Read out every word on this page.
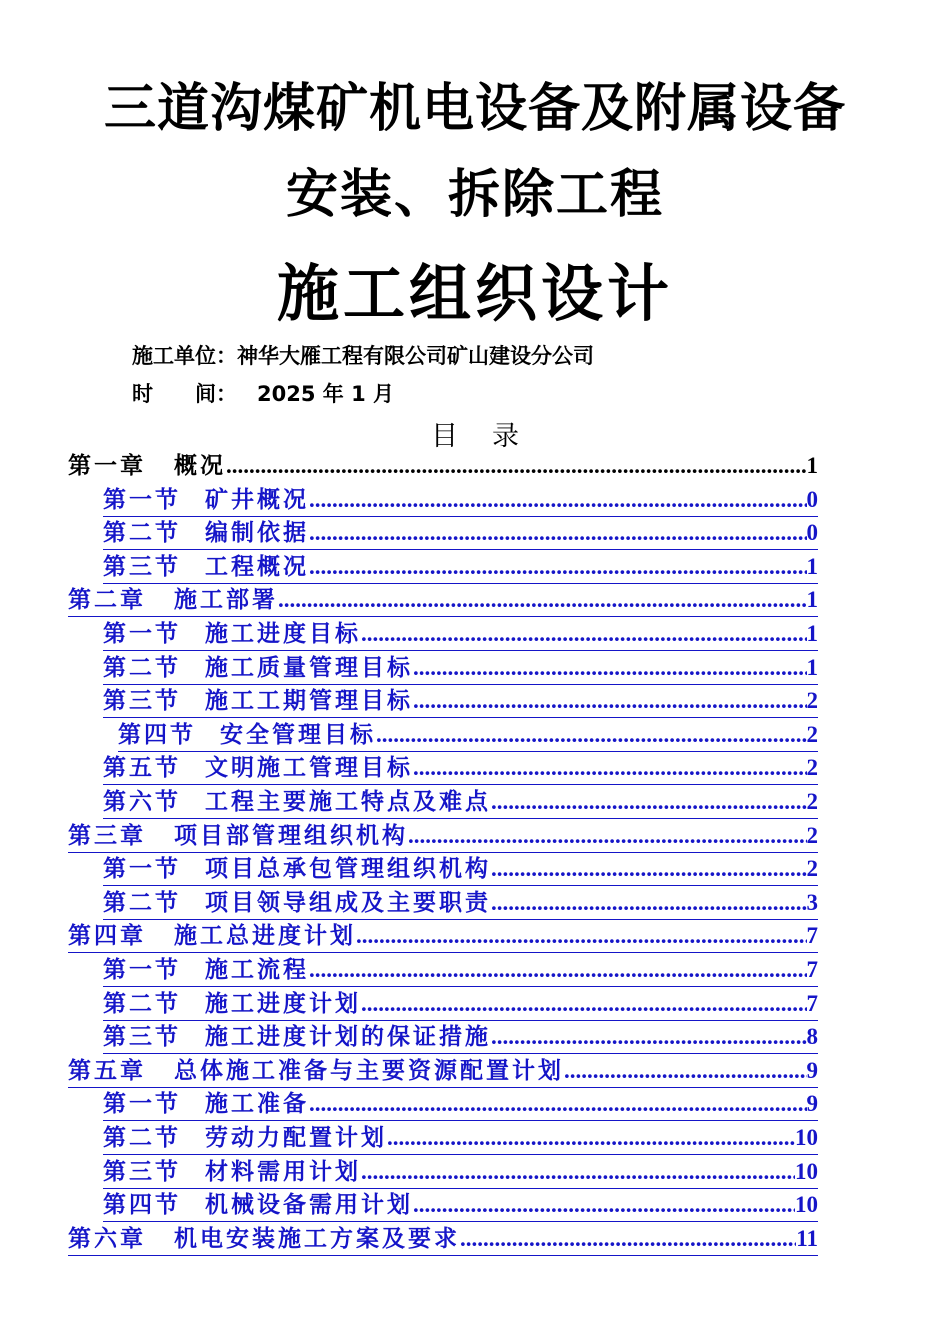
三道沟煤矿机电设备及附属设备
安装、拆除工程
施工组织设计
施工单位：神华大雁工程有限公司矿山建设分公司
时　　间： 2025 年 1 月
目录
第一章 概况 .....	1
第一节 矿井概况 .....	0
第二节 编制依据 .....	0
第三节 工程概况 .....	1
第二章 施工部署 .....	1
第一节 施工进度目标 .....	1
第二节 施工质量管理目标 .....	1
第三节 施工工期管理目标 .....	2
第四节 安全管理目标 .....	2
第五节 文明施工管理目标 .....	2
第六节 工程主要施工特点及难点 .....	2
第三章 项目部管理组织机构 .....	2
第一节 项目总承包管理组织机构 .....	2
第二节 项目领导组成及主要职责 .....	3
第四章 施工总进度计划 .....	7
第一节 施工流程 .....	7
第二节 施工进度计划 .....	7
第三节 施工进度计划的保证措施 .....	8
第五章 总体施工准备与主要资源配置计划 .....	9
第一节 施工准备 .....	9
第二节 劳动力配置计划 .....	10
第三节 材料需用计划 .....	10
第四节 机械设备需用计划 .....	10
第六章 机电安装施工方案及要求 .....	11
